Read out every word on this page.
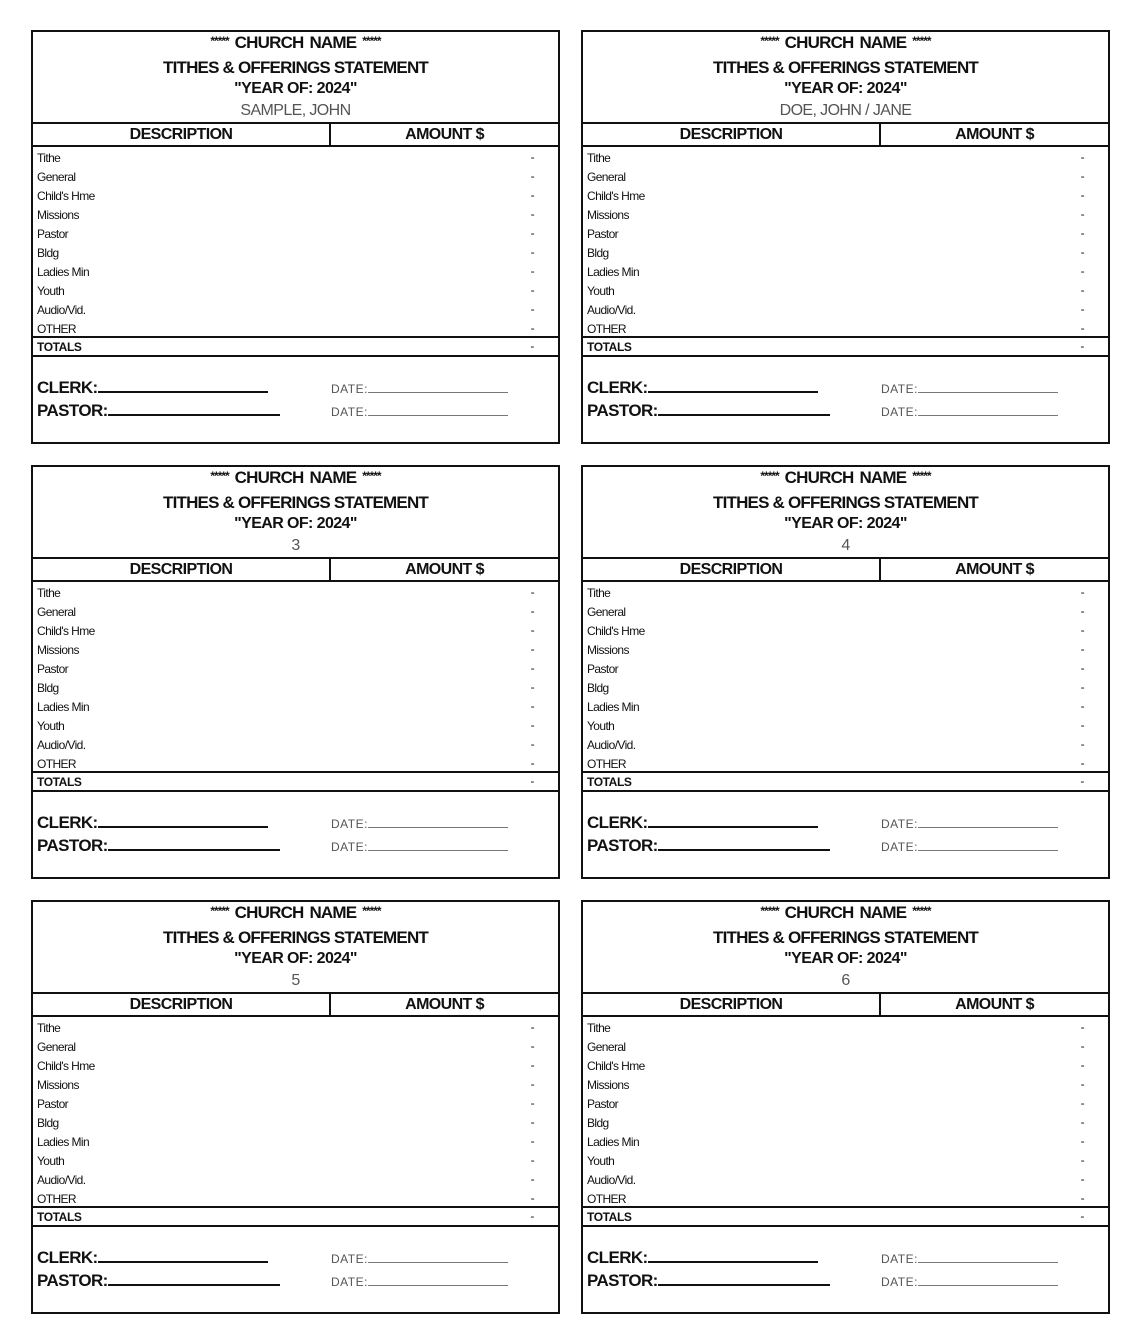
***** CHURCH NAME *****
TITHES & OFFERINGS STATEMENT
"YEAR OF: 2024"
SAMPLE, JOHN
DESCRIPTION	AMOUNT $
Tithe	-
General	-
Child's Hme	-
Missions	-
Pastor	-
Bldg	-
Ladies Min	-
Youth	-
Audio/Vid.	-
OTHER	-
TOTALS	-
CLERK:
PASTOR:
DATE:
DATE:
***** CHURCH NAME *****
TITHES & OFFERINGS STATEMENT
"YEAR OF: 2024"
DOE, JOHN / JANE
DESCRIPTION	AMOUNT $
Tithe	-
General	-
Child's Hme	-
Missions	-
Pastor	-
Bldg	-
Ladies Min	-
Youth	-
Audio/Vid.	-
OTHER	-
TOTALS	-
CLERK:
PASTOR:
DATE:
DATE:
***** CHURCH NAME *****
TITHES & OFFERINGS STATEMENT
"YEAR OF: 2024"
3
DESCRIPTION	AMOUNT $
Tithe	-
General	-
Child's Hme	-
Missions	-
Pastor	-
Bldg	-
Ladies Min	-
Youth	-
Audio/Vid.	-
OTHER	-
TOTALS	-
CLERK:
PASTOR:
DATE:
DATE:
***** CHURCH NAME *****
TITHES & OFFERINGS STATEMENT
"YEAR OF: 2024"
4
DESCRIPTION	AMOUNT $
Tithe	-
General	-
Child's Hme	-
Missions	-
Pastor	-
Bldg	-
Ladies Min	-
Youth	-
Audio/Vid.	-
OTHER	-
TOTALS	-
CLERK:
PASTOR:
DATE:
DATE:
***** CHURCH NAME *****
TITHES & OFFERINGS STATEMENT
"YEAR OF: 2024"
5
DESCRIPTION	AMOUNT $
Tithe	-
General	-
Child's Hme	-
Missions	-
Pastor	-
Bldg	-
Ladies Min	-
Youth	-
Audio/Vid.	-
OTHER	-
TOTALS	-
CLERK:
PASTOR:
DATE:
DATE:
***** CHURCH NAME *****
TITHES & OFFERINGS STATEMENT
"YEAR OF: 2024"
6
DESCRIPTION	AMOUNT $
Tithe	-
General	-
Child's Hme	-
Missions	-
Pastor	-
Bldg	-
Ladies Min	-
Youth	-
Audio/Vid.	-
OTHER	-
TOTALS	-
CLERK:
PASTOR:
DATE:
DATE:
